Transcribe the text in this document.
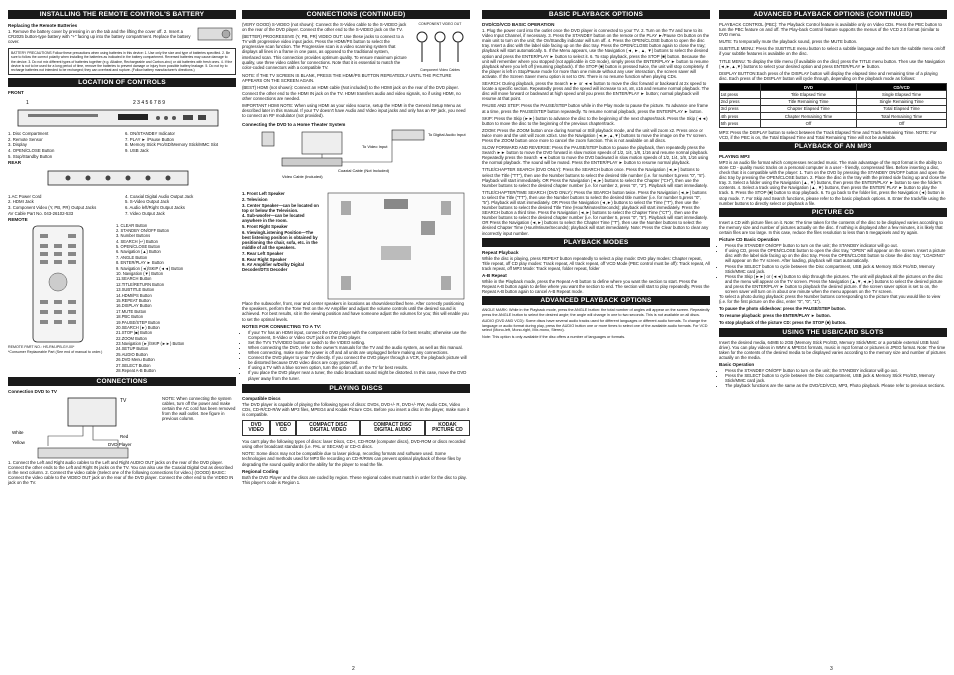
INSTALLING THE REMOTE CONTROL'S BATTERY
Replacing the Remote Batteries

1. Remove the battery cover by pressing in on the tab and the lifting the cover off. 2. Insert a CR2025 button-type battery with "+" facing up into the battery compartment. Replace the battery cover.

BATTERY PRECAUTIONS Follow these precautions when using batteries in this device: 1. Use only the size and type of batteries specified. 2. Be sure to follow the correct polarity when installing the batteries as indicated in the battery compartment. Reversed batteries may cause damage to the device. 3. Do not mix different types of batteries together (e.g. Alkaline, Rechargeable and Carbon-zinc) or old batteries with fresh ones. 4. If the device is not to be used for a long period of time, remove the batteries to prevent damage or injury from possible battery leakage. 5. Do not try to recharge batteries not intended to be recharged; they can overheat and rupture. (Follow battery manufacturer's directions.)
LOCATION OF CONTROLS
FRONT
1	2 3 4 5 6 7 8 9
1. Disc Compartment
2. Remote Sensor
3. Display
4. OPEN/CLOSE Button
5. Stop/Standby Button
6. ON/STANDBY Indicator
7. PLAY ► /Pause Button
8. Memory Stick Pro/SD/Memory Stick/MMC Slot
9. USB Jack
REAR
1.AC Power Cord
2. HDMI Jack
3. Component Video (Y, PB, PR) Output Jacks
AV Cable Part No. 043-26102-533
4. Coaxial Digital Audio Output Jack
5. S-Video Output Jack
6. Audio left/Right Output Jacks
7. Video Output Jack
REMOTE
REMOTE PART NO.: HS-RM-IPB-GY-00*
*Consumer Replaceable Part (See end of manual to order.)
1. CLEAR Button
2. STANDBY ON/OFF Button
3. Number Buttons
4. SEARCH (↵) Button
5. OPEN/CLOSE Button
6. Navigation (▲) Button
7. ANGLE Button
8. ENTER/PLAY ► Button
9. Navigation (◄)/SKIP (◄◄) Button
10. Navigation (▼) Button
11.SEARCH Button
12.TITLE/RETURN Button
13.SUBTITLE Button
14.HDMI/PS Button
15.REPEAT Button
16.DISPLAY Button
17.MUTE Button
18.PBC Button
19.PAUSE/STEP Button
20.SEARCH (►) Button
21.STOP (■) Button
22.ZOOM Button
23.Navigation (►)/SKIP (►►) Button
24.SETUP Button
25.AUDIO Button
26.DVD Menu Button
27.SELECT Button
28.Repeat A-B Button
CONNECTIONS
Connection DVD to TV
TV
White
Red
Yellow	DVD Player

NOTE: When connecting the system cables, turn off the power and make certain the AC cord has been removed from the wall outlet. See figure in previous column.

1. Connect the Left and Right audio cables to the Left and Right AUDIO OUT jacks on the rear of the DVD player. Connect the other ends to the Left and Right IN jacks on the TV. You can also use the Coaxial Digital Out as described in the next column. 2. Connect the video cable (Select one of the following connections for video.) (GOOD) BASIC: Connect the video cable to the VIDEO OUT jack on the rear of the DVD player. Connect the other end to the VIDEO IN jack on the TV.

CONNECTIONS (CONTINUED)

(VERY GOOD) S-VIDEO (not shown): Connect the S-Video cable to the S-VIDEO jack on the rear of the DVD player. Connect the other end to the S-VIDEO jack on the TV.

(BETTER) PROGRESSIVE (Y, PB, PR) VIDEO OUT: Use these jacks to connect to a TV with progressive video input jacks. Press the HDMI/PS button to select the progressive scan function. The Progressive scan is a video scanning system that displays all lines in a frame in one pass, as opposed to the traditional system, interlaced scan. This connection provides optimum quality. To ensure maximum picture quality, use three video cables for connections. Note that it is essential to match the color-coded connectors with a compatible TV.

COMPONENT VIDEO OUT
Component Video Cables

NOTE: If THE TV SCREEN IS BLANK, PRESS THE HDMI/PS BUTTON REPEATEDLY UNTIL THE PICTURE APPEARS ON THE SCREEN AGAIN.

(BEST) HDMI (not shown): Connect an HDMI cable (Not included) to the HDMI jack on the rear of the DVD player. Connect the other end to the HDMI IN jack on the TV. HDMI transfers audio and video signals, so if using HDMI, no other connections are needed.

IMPORTANT HDMI NOTE: When using HDMI as your video source, setup the HDMI in the General Setup Menu as described later in this manual. If your TV doesn't have Audio and Video input jacks and only has an RF jack, you need to connect an RF modulator (not provided).

Connecting the DVD to a Home Theater System
Coaxial Cable (Not Included)
Video Cable (Included)
To Digital Audio Input
To Video Input
1. Front Left Speaker
2. Television
3. Center Speaker—can be located on top or below the Television.
4. Sub-woofer—can be located anywhere in the room.
5. Front Right Speaker
6. Viewing/Listening Position—The best listening position is obtained by positioning the chair, sofa, etc. in the middle of all the speakers.
7. Rear Left Speaker
8. Rear Right Speaker
9. AV Amplifier w/Dolby Digital Decoder/DTS Decoder

Place the subwoofer, front, rear and center speakers in locations as shown/described here. After correctly positioning the speakers, perform the Tone Test on the AV Amplifier and adjust the volume controls until the desired sound is achieved. For best results, sit in the viewing position and have someone adjust the volumes for you; this will enable you to set the optimal levels.

NOTES FOR CONNECTING TO A TV:
• If your TV has an HDMI input, connect the DVD player with the component cable for best results; otherwise use the Component, S-Video or Video OUT jack on the DVD player.
• Set the TV's TV/VIDEO button or switch to the VIDEO setting.
• When connecting the DVD, refer to the owner's manuals for the TV and the audio system, as well as this manual.
• When connecting, make sure the power is off and all units are unplugged before making any connections.
• Connect the DVD player to your TV directly. If you connect the DVD player through a VCR, the playback picture will be distorted because DVD video discs are copy protected.
• If using a TV with a blue screen option, turn the option off, on the TV for best results.
• If you place the DVD player near a tuner, the radio broadcast sound might be distorted. In this case, move the DVD player away from the tuner.
PLAYING DISCS
Compatible Discs

The DVD player is capable of playing the following types of discs: DVDs, DVD+/- R, DVD+/- RW, Audio CDs, Video CDs, CD-R/CD-R/W with MP3 files, MPEG4 and Kodak Picture CDs. Before you insert a disc in the player, make sure it is compatible.

DVD VIDEO
VIDEO CD
COMPACT DISC DIGITAL VIDEO
COMPACT DISC DIGITAL AUDIO
KODAK PICTURE CD

You can't play the following types of discs: laser Discs, CD-I, CD-ROM (computer discs), DVD-ROM or discs recorded using other broadcast standards (i.e. PAL or SECAM) or CD-G discs.

NOTE: Some discs may not be compatible due to laser pickup, recording formats and software used. Some technologies and methods used for MP3 file recording on CD-R/RWs can prevent optimal playback of these files by degrading the sound quality and/or the ability for the player to read the file.

Regional Coding

Both the DVD Player and the discs are coded by region. These regional codes must match in order for the disc to play. This player's code is Region 1.

2
BASIC PLAYBACK OPTIONS
DVD/CD/VCD BASIC OPERATION

1. Plug the power cord into the outlet once the DVD player is connected to your TV. 2. Turn on the TV and tune to its Video Input Channel, if necessary. 3. Press the STANDBY button on the remote or the PLAY ►/Pause On button on the main unit to turn on the unit; the On/Standby indicator will turn off. 4. Press the OPEN/CLOSE button to open the disc tray. Insert a disc with the label side facing up on the disc tray. Press the OPEN/CLOSE button again to close the tray; playback will start automatically. 5. If the Menu appears, use the Navigation (◄, ►, ▲, ▼) buttons to select the desired option and press the ENTER/PLAY ► button to select it. 6. To stop playback, press the STOP (■) button. Because the unit will remember where you stopped (not applicable in CD mode), simply press the ENTER/PLAY ► button to resume playback where you left off (resuming playback). If the STOP (■) button is pressed twice, the unit will stop completely. If the player is left in Stop/Pause mode for more than one minute without any user interaction, the screen saver will activate. If the Screen Saver menu option is set to ON. There is no resume function when playing CDs.

SEARCH: During playback, press the Search ►► or ◄◄ button to move the disc forward or backward at 2x speed to locate a specific section. Repeatedly press and the speed will increase to x4, x8, x16 and resume normal playback. The disc will move forward or backward at high speed until you press the ENTER/PLAY ► button; normal playback will resume at that point.

PAUSE AND STEP: Press the PAUSE/STEP button while in the Play mode to pause the picture. To advance one frame at a time, press the PAUSE/STEP button repeatedly. To resume normal playback, press the ENTER/PLAY ► button.

SKIP: Press the Skip (►►) button to advance the disc to the beginning of the next chapter/track. Press the Skip (◄◄) button to move the disc to the beginning of the previous chapter/track.

ZOOM: Press the ZOOM button once during Normal or Still playback mode, and the unit will zoom x2. Press once or twice more and the unit will zoom x3/x4. Use the Navigation (◄,►,▲,▼) buttons to move the image on the TV screen. Press the ZOOM button once more to cancel the zoom function. This is not available on all discs.

SLOW FORWARD AND REVERSE: Press the PAUSE/STEP button to pause the playback, then repeatedly press the Search ►► button to move the DVD forward in slow motion speeds of 1/2, 1/4, 1/8, 1/16 and resume normal playback. Repeatedly press the Search ◄◄ button to move the DVD backward in slow motion speeds of 1/2, 1/4, 1/8, 1/16 using the normal playback. The sound will be muted. Press the ENTER/PLAY ► button to resume normal playback.

TITLE/CHAPTER SEARCH (DVD ONLY): Press the SEARCH button once. Press the Navigation (◄,►) buttons to select the Title ("TT"), then use the Number buttons to select the desired title number (i.e. for number 5,press "0", "5"). Playback will start immediately. OR Press the Navigation (◄,►) buttons to select the Chapter ("CH"), then use the Number buttons to select the desired chapter number (i.e. for number 2, press "0", "2"). Playback will start immediately.

TITLE/CHAPTER/TIME SEARCH (DVD ONLY): Press the SEARCH button twice. Press the Navigation (◄,►) buttons to select the Title ("TT"), then use the Number buttons to select the desired title number (i.e. for number 5,press "0", "5"). Playback will start immediately. OR Press the Navigation (◄,►) buttons to select the Time ("T"), then use the Number buttons to select the desired Title Time (Hour/Minutes/Seconds); playback will start immediately. Press the SEARCH button a third time. Press the Navigation (◄,►) buttons to select the Chapter Time ("CT") , then use the Number buttons to select the desired chapter number (i.e. for number 5, press "0", "5"). Playback will start immediately. OR Press the Navigation (◄,►) buttons to select the Chapter Time ("T"), then use the Number buttons to select the desired Chapter Time (Hour/Minute/Seconds); playback will start immediately. Note: Press the Clear button to clear any incorrectly input number.

PLAYBACK MODES
Repeat Playback

While the disc is playing, press REPEAT button repeatedly to select a play mode: DVD play modes: Chapter repeat, Title repeat, off CD play modes: Track repeat, All track repeat, off VCD Mode (PBC control must be off): Track repeat, All track repeat, off MP3 Mode: Track repeat, folder repeat, folder

A-B Repeat

While in the Playback mode, press the Repeat A-B button to define where you want the section to start. Press the Repeat A-B button again to define where you want the section to end. The section will start to play repeatedly. Press the Repeat A-B button again to cancel A-B Repeat mode.

ADVANCED PLAYBACK OPTIONS

ANGLE MARK: While in the Playback mode, press the ANGLE button: the total number of angles will appear on the screen. Repeatedly press the ANGLE button to select the desired angle; the angle will change in one to two seconds. This is not available on all discs.

AUDIO (DVD AND VCD): Some discs have several audio tracks used for different languages or different audio formats. To change the language or audio format during play, press the AUDIO button one or more times to select one of the available audio formats. For VCD select (Mono-left, Mono-right, Mix-mono, Stereo).

Note: This option is only available if the disc offers a number of languages or formats.

ADVANCED PLAYBACK OPTIONS (CONTINUED)

PLAYBACK CONTROL (PBC): The Playback Control feature is available only on Video CDs. Press the PBC button to turn the PBC feature on and off. The Play-back Control feature supports the menus of the VCD 2.0 format (similar to DVD menu.

MUTE: To temporarily mute the playback sound, press the MUTE button.

SUBTITLE MENU: Press the SUBTITLE menu button to select a subtitle language and the turn the subtitle menu on/off if your subtitle features is available on the disc.

TITLE MENU: To display the title menu (if available on the disc) press the TITLE menu button. Then use the Navigation (◄,►,▲,▼) buttons to select your desired option and press ENTER/PLAY ► button.

DISPLAY BUTTON:Each press of the DISPLAY button will display the elapsed time and remaining time of a playing disc. Each press of the DISPLAY button will cycle through, depending on the playback mode as follows:

	DVD	CD/VCD
1st press	Title Elapsed Time	Single Elapsed Time
2nd press	Title Remaining Time	Single Remaining Time
3rd press	Chapter Elapsed Time	Total Elapsed Time
4th press	Chapter Remaining Time	Total Remaining Time
5th press	Off	Off

MP3: Press the DISPLAY button to select between the Track Elapsed Time and Track Remaining Time. NOTE: For VCD, if the PBC is on, the Total Elapsed Time and Total Remaining Time will not be available.

PLAYBACK OF AN MP3
PLAYING MP3

MP3 is an audio file format which compresses recorded music. The main advantage of the mp3 format is the ability to store CD - quality music tracks on a personal computer in a user - friendly, compressed files. Before inserting a disc, check that it is compatible with the player: 1. Turn on the DVD by pressing the STANDBY ON/OFF button and open the disc tray by pressing the OPEN/CLOSE button. 2. Place the disc in the tray with the printed side facing up and close the tray. 3. Select a folder using the Navigation (▲, ▼) buttons, then press the ENTER/PLAY ► button to see the folder's contents. 4. Select a track using the Navigation (▲, ▼) buttons, then press the ENTER/ PLAY ► button to play the track. 5. Press the STOP (■) button to stop playback. 6. To go back to the folder list, press the Navigation (◄) button in stop mode. 7. For Skip and Search functions, please refer to the basic playback options. 8. Enter the track/file using the number buttons to directly select or playback a file.

PICTURE CD

Insert a CD with picture files on it. Note: The time taken for the contents of the disc to be displayed varies according to the memory size and number of pictures actually on the disc. If nothing is displayed after a few minutes, it is likely that certain files are too large. In this case, reduce the files resolution to less than 5 megapixels and try again.

Picture CD Basic Operation
• Press the STANDBY ON/OFF button to turn on the unit; the STANDBY indicator will go out.
• If using CD, press the OPEN/CLOSE button to open the disc tray, "OPEN" will appear on the screen. Insert a picture disc with the label side facing up on the disc tray. Press the OPEN/CLOSE button to close the disc tray; "LOADING" will appear on the TV screen. After loading, playback will start automatically.
• Press the SELECT button to cycle between the Disc compartment, USB jack & Memory Stick Pro/SD, Memory Stick/MMC card jack.
• Press the Skip (►►) or (◄◄) button to skip through the pictures. The unit will playback all the pictures on the disc and the menu will appear on the TV screen. Press the Navigation (▲,▼,◄,►) buttons to select the desired picture and press the ENTER/PLAY ► button to playback the desired picture. If the screen saver option is set to on, the screen saver will turn on in about one minute when the menu appears on the TV screen.

To select a photo during playback: press the Number buttons corresponding to the picture that you would like to view (i.e. for the first picture on the disc, enter "0", "0", "1").

To pause the photo slideshow: press the PAUSE/STEP button.

To resume playback: press the ENTER/PLAY ► button.

To stop playback of the picture CD: press the STOP (■) button.

USING THE USB/CARD SLOTS

Insert the desired media, 64MB to 2GB (Memory Stick Pro/SD, Memory Stick/MMC or a portable external USB hard drive). You can play videos in WMV & MPEG4 formats, music in mp3 format or pictures in JPEG format. Note: The time taken for the contents of the desired media to be displayed varies according to the memory size and number of pictures actually on the media.

Basic Operation
• Press the STANDBY ON/OFF button to turn on the unit; the STANDBY indicator will go out.
• Press the SELECT button to cycle between the Disc compartment, USB jack & Memory Stick Pro/SD, Memory Stick/MMC card jack.
• The playback functions are the same as the DVD/CD/VCD, MP3, Photo playback. Please refer to previous sections.
3
